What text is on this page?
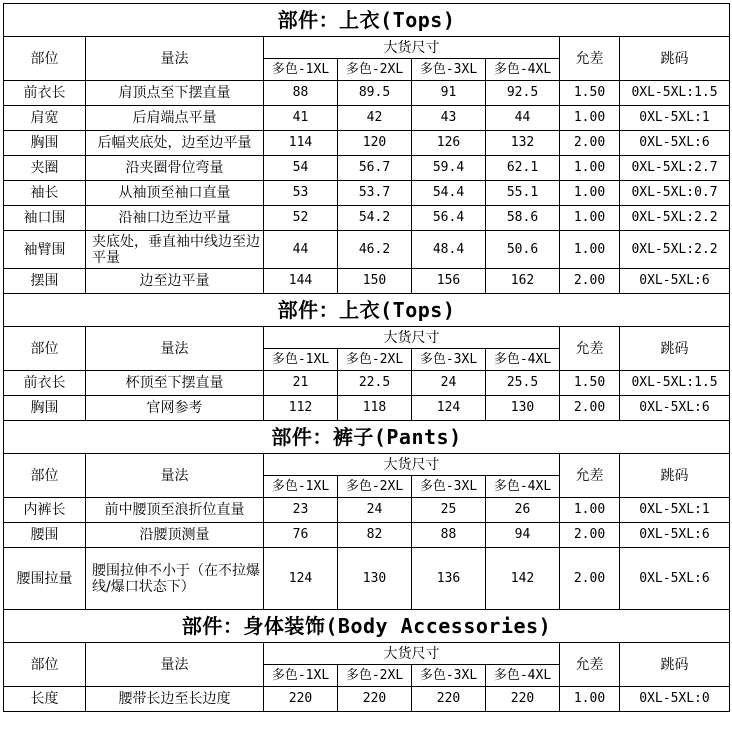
部件：上衣(Tops)							
部位	量法	大货尺寸				允差	跳码
		多色-1XL	多色-2XL	多色-3XL	多色-4XL		
前衣长	肩顶点至下摆直量	88	89.5	91	92.5	1.50	0XL-5XL:1.5
肩宽	后肩端点平量	41	42	43	44	1.00	0XL-5XL:1
胸围	后幅夹底处，边至边平量	114	120	126	132	2.00	0XL-5XL:6
夹圈	沿夹圈骨位弯量	54	56.7	59.4	62.1	1.00	0XL-5XL:2.7
袖长	从袖顶至袖口直量	53	53.7	54.4	55.1	1.00	0XL-5XL:0.7
袖口围	沿袖口边至边平量	52	54.2	56.4	58.6	1.00	0XL-5XL:2.2
袖臂围	夹底处，垂直袖中线边至边平量	44	46.2	48.4	50.6	1.00	0XL-5XL:2.2
摆围	边至边平量	144	150	156	162	2.00	0XL-5XL:6
部件：上衣(Tops)							
部位	量法	大货尺寸				允差	跳码
		多色-1XL	多色-2XL	多色-3XL	多色-4XL		
前衣长	杯顶至下摆直量	21	22.5	24	25.5	1.50	0XL-5XL:1.5
胸围	官网参考	112	118	124	130	2.00	0XL-5XL:6
部件：裤子(Pants)							
部位	量法	大货尺寸				允差	跳码
		多色-1XL	多色-2XL	多色-3XL	多色-4XL		
内裤长	前中腰顶至浪折位直量	23	24	25	26	1.00	0XL-5XL:1
腰围	沿腰顶测量	76	82	88	94	2.00	0XL-5XL:6
腰围拉量	腰围拉伸不小于（在不拉爆线/爆口状态下）	124	130	136	142	2.00	0XL-5XL:6
部件：身体装饰(Body Accessories)							
部位	量法	大货尺寸				允差	跳码
		多色-1XL	多色-2XL	多色-3XL	多色-4XL		
长度	腰带长边至长边度	220	220	220	220	1.00	0XL-5XL:0
